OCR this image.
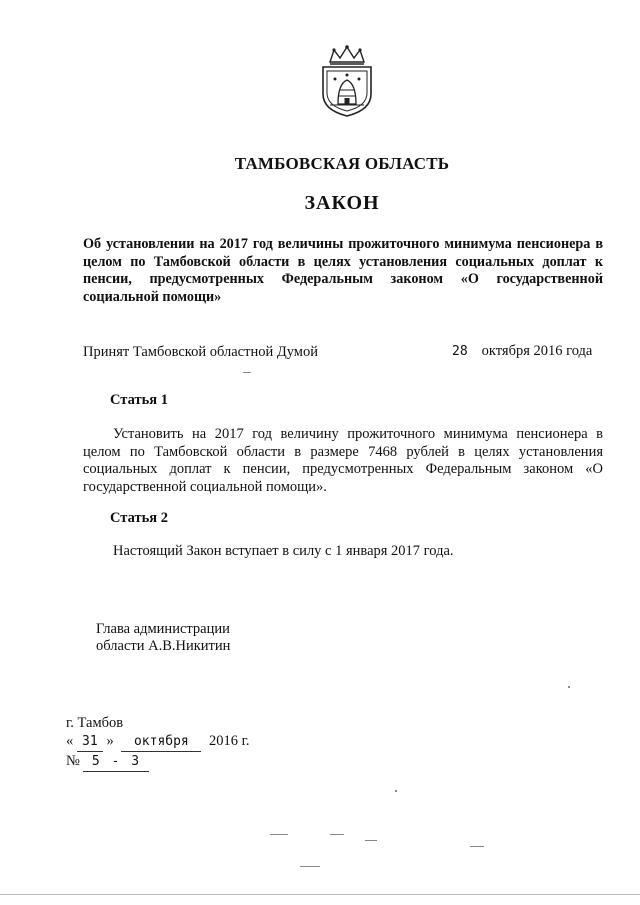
ТАМБОВСКАЯ ОБЛАСТЬ
ЗАКОН
Об установлении на 2017 год величины прожиточного минимума пенсионера в целом по Тамбовской области в целях установления социальных доплат к пенсии, предусмотренных Федеральным законом «О государственной социальной помощи»
Принят Тамбовской областной Думой	28 октября 2016 года
Статья 1
Установить на 2017 год величину прожиточного минимума пенсионера в целом по Тамбовской области в размере 7468 рублей в целях установления социальных доплат к пенсии, предусмотренных Федеральным законом «О государственной социальной помощи».
Статья 2
Настоящий Закон вступает в силу с 1 января 2017 года.
Глава администрации
области А.В.Никитин
г. Тамбов
« 31 » октября 2016 г.
№ 5 - 3
